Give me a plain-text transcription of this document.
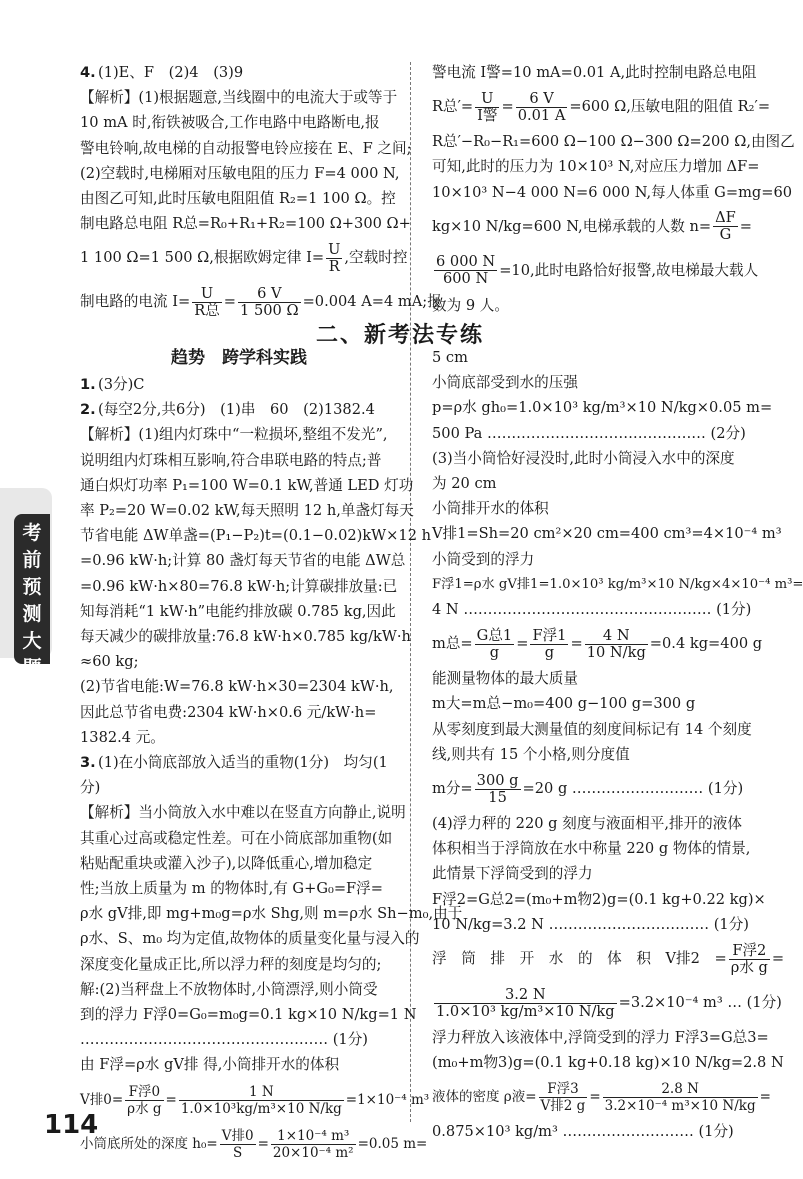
4. (1)E、F　(2)4　(3)9
【解析】(1)根据题意,当线圈中的电流大于或等于
10 mA 时,衔铁被吸合,工作电路中电路断电,报
警电铃响,故电梯的自动报警电铃应接在 E、F 之间;
(2)空载时,电梯厢对压敏电阻的压力 F=4 000 N,
由图乙可知,此时压敏电阻阻值 R₂=1 100 Ω。控
制电路总电阻 R总=R₀+R₁+R₂=100 Ω+300 Ω+
1 100 Ω=1 500 Ω,根据欧姆定律 $I= \frac{U}{R}$ ,空载时控
制电路的电流 $I= \frac{U}{\text{R总}} = \frac{6 V}{1 500 \Omega} =0.004$ A=4 mA;报
警电流 I警=10 mA=0.01 A,此时控制电路总电阻
R总′= $\frac{U}{\text{I警}} = \frac{6 V}{0.01 A} =600$ Ω,压敏电阻的阻值 R₂′=
R总′−R₀−R₁=600 Ω−100 Ω−300 Ω=200 Ω,由图乙
可知,此时的压力为 10×10³ N,对应压力增加 ΔF=
10×10³ N−4 000 N=6 000 N,每人体重 G=mg=60
kg×10 N/kg=600 N,电梯承载的人数 $n= \frac{\Delta F}{G}$ =
$\frac{6 000 N}{600 N} =10$,此时电路恰好报警,故电梯最大载人
数为 9 人。
二、新考法专练
趋势　跨学科实践
1. (3分)C
2. (每空2分,共6分)　(1)串　60　(2)1382.4
【解析】(1)组内灯珠中“一粒损坏,整组不发光”,
说明组内灯珠相互影响,符合串联电路的特点;普
通白炽灯功率 P₁=100 W=0.1 kW,普通 LED 灯功
率 P₂=20 W=0.02 kW,每天照明 12 h,单盏灯每天
节省电能 ΔW单盏=(P₁−P₂)t=(0.1−0.02)kW×12 h
=0.96 kW·h;计算 80 盏灯每天节省的电能 ΔW总
=0.96 kW·h×80=76.8 kW·h;计算碳排放量:已
知每消耗“1 kW·h”电能约排放碳 0.785 kg,因此
每天减少的碳排放量:76.8 kW·h×0.785 kg/kW·h
≈60 kg;
(2)节省电能:W=76.8 kW·h×30=2304 kW·h,
因此总节省电费:2304 kW·h×0.6 元/kW·h=
1382.4 元。
3. (1)在小筒底部放入适当的重物(1分)　均匀(1
分)
【解析】当小筒放入水中难以在竖直方向静止,说明
其重心过高或稳定性差。可在小筒底部加重物(如
粘贴配重块或灌入沙子),以降低重心,增加稳定
性;当放上质量为 m 的物体时,有 G+G₀=F浮=
ρ水 gV排,即 mg+m₀g=ρ水 Shg,则 m=ρ水 Sh−m₀,由于
ρ水、S、m₀ 均为定值,故物体的质量变化量与浸入的
深度变化量成正比,所以浮力秤的刻度是均匀的;
解:(2)当秤盘上不放物体时,小筒漂浮,则小筒受
到的浮力 F浮0=G₀=m₀g=0.1 kg×10 N/kg=1 N
…………………………………………… (1分)
由 F浮=ρ水 gV排 得,小筒排开水的体积
V排$0= \frac{\text{F浮0}}{\text{ρ水 g}} = \frac{1 N}{\text{1.0×10³kg/m³×10 N/kg}} =1\times 10^{-4}$ m³
小筒底所处的深度 $h_0= \frac{\text{V排0}}{S} = \frac{\text{1×10⁻⁴ m³}}{\text{20×10⁻⁴ m²}} =0.05$ m=
5 cm
小筒底部受到水的压强
p=ρ水 gh₀=1.0×10³ kg/m³×10 N/kg×0.05 m=
500 Pa ……………………………………… (2分)
(3)当小筒恰好浸没时,此时小筒浸入水中的深度
为 20 cm
小筒排开水的体积
V排1=Sh=20 cm²×20 cm=400 cm³=4×10⁻⁴ m³
小筒受到的浮力
F浮1=ρ水 gV排1=1.0×10³ kg/m³×10 N/kg×4×10⁻⁴ m³=
4 N …………………………………………… (1分)
m总= $\frac{\text{G总1}}{g} = \frac{\text{F浮1}}{g} = \frac{4 N}{10 N/kg} =0.4$ kg=400 g
能测量物体的最大质量
m大=m总−m₀=400 g−100 g=300 g
从零刻度到最大测量值的刻度间标记有 14 个刻度
线,则共有 15 个小格,则分度值
m分= $\frac{300 g}{15} =20$ g ……………………… (1分)
(4)浮力秤的 220 g 刻度与液面相平,排开的液体
体积相当于浮筒放在水中称量 220 g 物体的情景,
此情景下浮筒受到的浮力
F浮2=G总2=(m₀+m物2)g=(0.1 kg+0.22 kg)×
10 N/kg=3.2 N …………………………… (1分)
浮　筒　排　开　水　的　体　积　V排2　= $\frac{\text{F浮2}}{\text{ρ水 g}}$ =
$\frac{3.2 N}{\text{1.0×10³ kg/m³×10 N/kg}} =3.2\times 10^{-4}$ m³ … (1分)
浮力秤放入该液体中,浮筒受到的浮力 F浮3=G总3=
(m₀+m物3)g=(0.1 kg+0.18 kg)×10 N/kg=2.8 N
液体的密度 ρ液= $\frac{\text{F浮3}}{\text{V排2 g}} = \frac{2.8 N}{\text{3.2×10⁻⁴ m³×10 N/kg}}$ =
0.875×10³ kg/m³ ……………………… (1分)
考前预测大题
114
